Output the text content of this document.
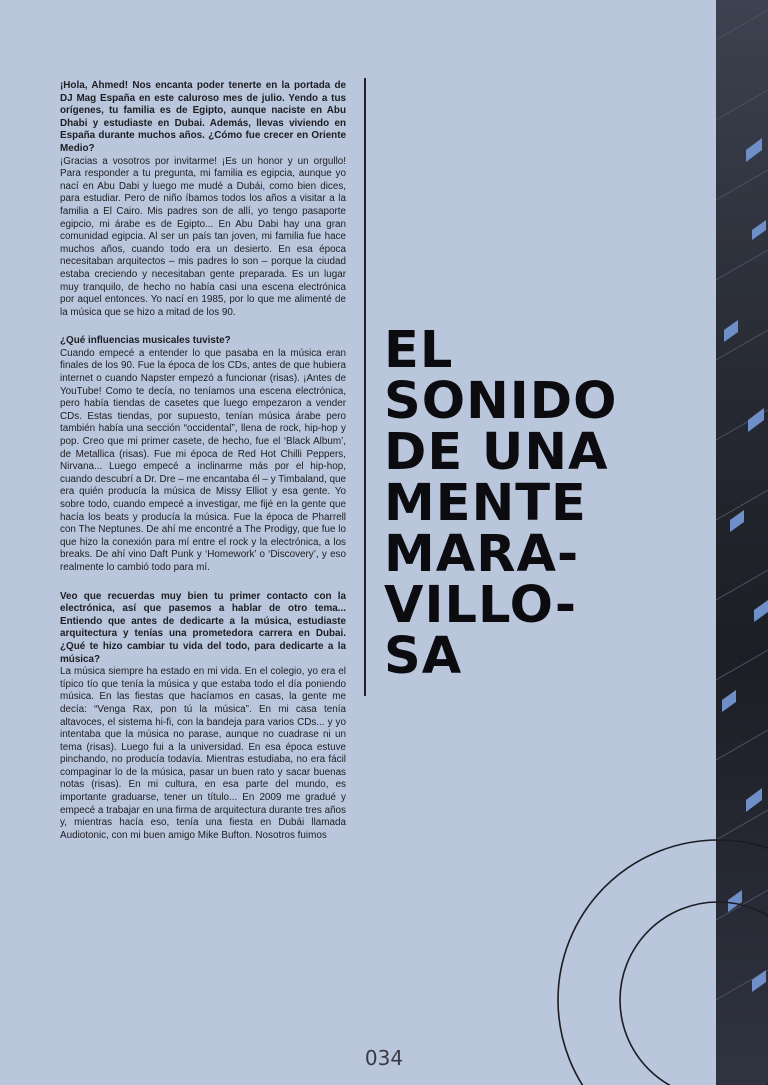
¡Hola, Ahmed! Nos encanta poder tenerte en la portada de DJ Mag España en este caluroso mes de julio. Yendo a tus orígenes, tu familia es de Egipto, aunque naciste en Abu Dhabi y estudiaste en Dubai. Además, llevas viviendo en España durante muchos años. ¿Cómo fue crecer en Oriente Medio?

¡Gracias a vosotros por invitarme! ¡Es un honor y un orgullo! Para responder a tu pregunta, mi familia es egipcia, aunque yo nací en Abu Dabi y luego me mudé a Dubái, como bien dices, para estudiar. Pero de niño íbamos todos los años a visitar a la familia a El Cairo. Mis padres son de allí, yo tengo pasaporte egipcio, mi árabe es de Egipto... En Abu Dabi hay una gran comunidad egipcia. Al ser un país tan joven, mi familia fue hace muchos años, cuando todo era un desierto. En esa época necesitaban arquitectos – mis padres lo son – porque la ciudad estaba creciendo y necesitaban gente preparada. Es un lugar muy tranquilo, de hecho no había casi una escena electrónica por aquel entonces. Yo nací en 1985, por lo que me alimenté de la música que se hizo a mitad de los 90.

¿Qué influencias musicales tuviste?

Cuando empecé a entender lo que pasaba en la música eran finales de los 90. Fue la época de los CDs, antes de que hubiera internet o cuando Napster empezó a funcionar (risas). ¡Antes de YouTube! Como te decía, no teníamos una escena electrónica, pero había tiendas de casetes que luego empezaron a vender CDs. Estas tiendas, por supuesto, tenían música árabe pero también había una sección “occidental”, llena de rock, hip-hop y pop. Creo que mi primer casete, de hecho, fue el ‘Black Album’, de Metallica (risas). Fue mi época de Red Hot Chilli Peppers, Nirvana... Luego empecé a inclinarme más por el hip-hop, cuando descubrí a Dr. Dre – me encantaba él – y Timbaland, que era quién producía la música de Missy Elliot y esa gente. Yo sobre todo, cuando empecé a investigar, me fijé en la gente que hacía los beats y producía la música. Fue la época de Pharrell con The Neptunes. De ahí me encontré a The Prodigy, que fue lo que hizo la conexión para mí entre el rock y la electrónica, a los breaks. De ahí vino Daft Punk y ‘Homework’ o ‘Discovery’, y eso realmente lo cambió todo para mí.

Veo que recuerdas muy bien tu primer contacto con la electrónica, así que pasemos a hablar de otro tema... Entiendo que antes de dedicarte a la música, estudiaste arquitectura y tenías una prometedora carrera en Dubai. ¿Qué te hizo cambiar tu vida del todo, para dedicarte a la música?

La música siempre ha estado en mi vida. En el colegio, yo era el típico tío que tenía la música y que estaba todo el día poniendo música. En las fiestas que hacíamos en casas, la gente me decía: “Venga Rax, pon tú la música”. En mi casa tenía altavoces, el sistema hi-fi, con la bandeja para varios CDs... y yo intentaba que la música no parase, aunque no cuadrase ni un tema (risas). Luego fui a la universidad. En esa época estuve pinchando, no producía todavía. Mientras estudiaba, no era fácil compaginar lo de la música, pasar un buen rato y sacar buenas notas (risas). En mi cultura, en esa parte del mundo, es importante graduarse, tener un título... En 2009 me gradué y empecé a trabajar en una firma de arquitectura durante tres años y, mientras hacía eso, tenía una fiesta en Dubái llamada Audiotonic, con mi buen amigo Mike Bufton. Nosotros fuimos

EL
SONIDO
DE UNA
MENTE
MARA-
VILLO-
SA
034
